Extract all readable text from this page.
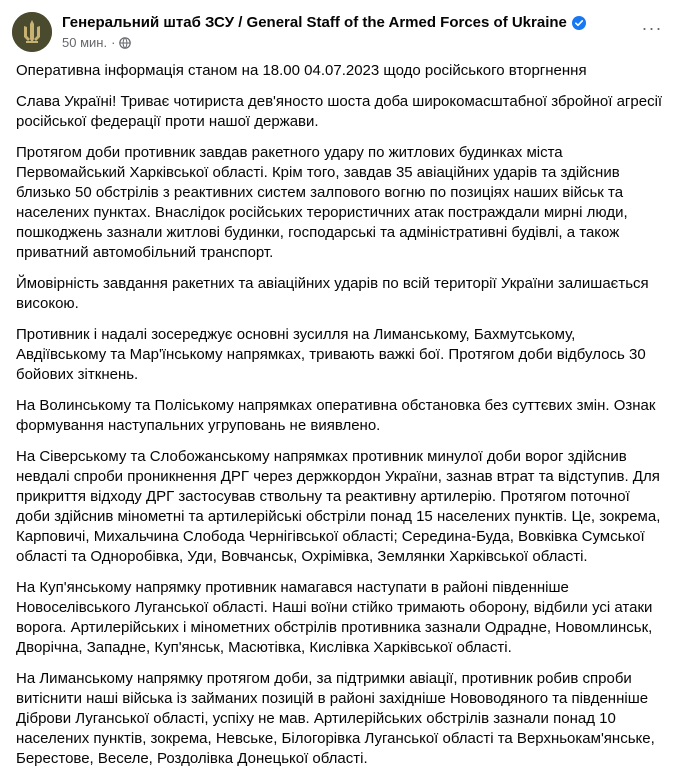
Генеральний штаб ЗСУ / General Staff of the Armed Forces of Ukraine
50 мин. ·
···

Оперативна інформація станом на 18.00 04.07.2023 щодо російського вторгнення

Слава Україні! Триває чотириста дев'яносто шоста доба широкомасштабної збройної агресії
російської федерації проти нашої держави.

Протягом доби противник завдав ракетного удару по житлових будинках міста
Первомайський Харківської області. Крім того, завдав 35 авіаційних ударів та здійснив
близько 50 обстрілів з реактивних систем залпового вогню по позиціях наших військ та
населених пунктах. Внаслідок російських терористичних атак постраждали мирні люди,
пошкоджень зазнали житлові будинки, господарські та адміністративні будівлі, а також
приватний автомобільний транспорт.

Ймовірність завдання ракетних та авіаційних ударів по всій території України залишається
високою.

Противник і надалі зосереджує основні зусилля на Лиманському, Бахмутському,
Авдіївському та Мар'їнському напрямках, тривають важкі бої. Протягом доби відбулось 30
бойових зіткнень.

На Волинському та Поліському напрямках оперативна обстановка без суттєвих змін. Ознак
формування наступальних угруповань не виявлено.

На Сіверському та Слобожанському напрямках противник минулої доби ворог здійснив
невдалі спроби проникнення ДРГ через держкордон України, зазнав втрат та відступив. Для
прикриття відходу ДРГ застосував ствольну та реактивну артилерію. Протягом поточної
доби здійснив мінометні та артилерійські обстріли понад 15 населених пунктів. Це, зокрема,
Карповичі, Михальчина Слобода Чернігівської області; Середина-Буда, Вовківка Сумської
області та Одноробівка, Уди, Вовчанськ, Охрімівка, Землянки Харківської області.

На Куп'янському напрямку противник намагався наступати в районі південніше
Новоселівського Луганської області. Наші воїни стійко тримають оборону, відбили усі атаки
ворога. Артилерійських і мінометних обстрілів противника зазнали Одрадне, Новомлинськ,
Дворічна, Западне, Куп'янськ, Масютівка, Кислівка Харківської області.

На Лиманському напрямку протягом доби, за підтримки авіації, противник робив спроби
витіснити наші війська із займаних позицій в районі західніше Нововодяного та південніше
Діброви Луганської області, успіху не мав. Артилерійських обстрілів зазнали понад 10
населених пунктів, зокрема, Невське, Білогорівка Луганської області та Верхньокам'янське,
Берестове, Веселе, Роздолівка Донецької області.
